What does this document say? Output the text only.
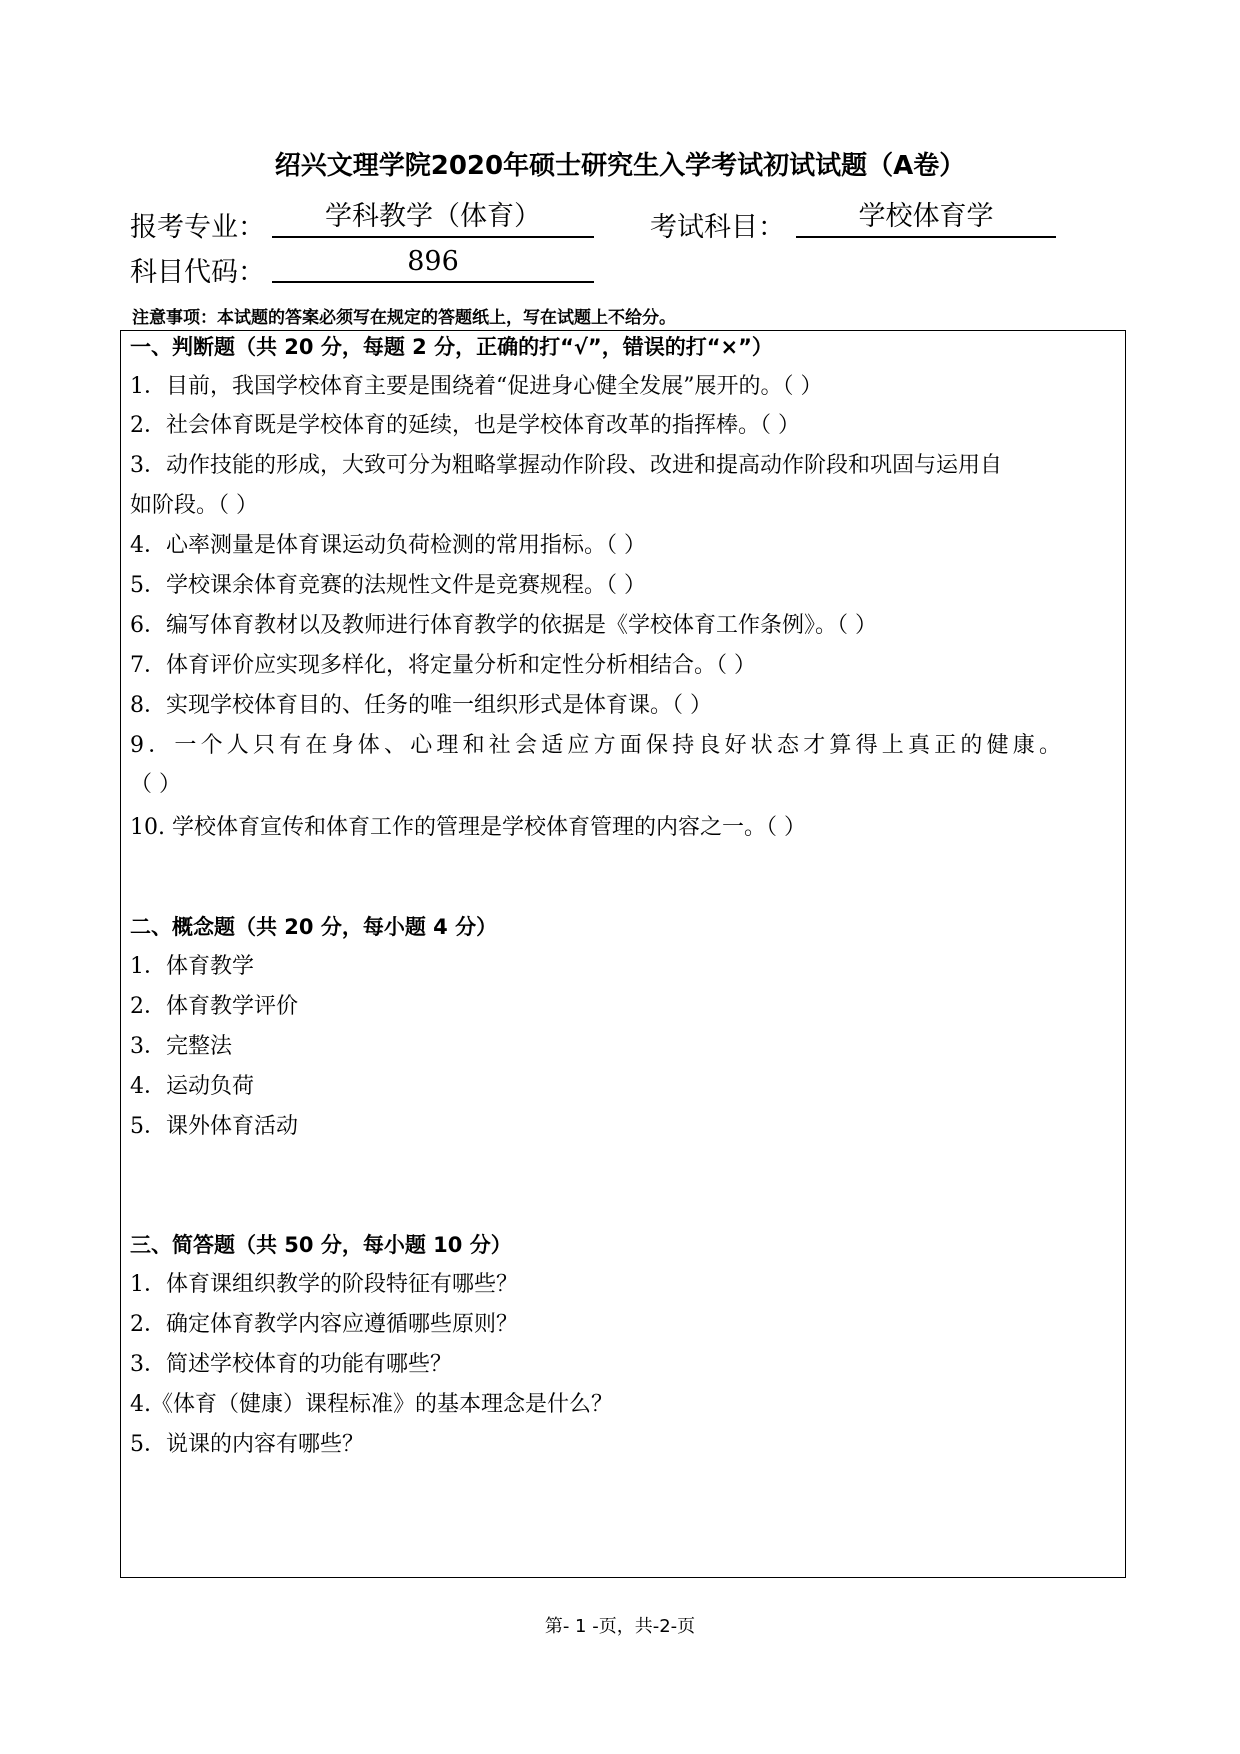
绍兴文理学院2020年硕士研究生入学考试初试试题（A卷）
报考专业：	学科教学（体育）	考试科目：	学校体育学
科目代码：	896
注意事项：本试题的答案必须写在规定的答题纸上，写在试题上不给分。
一、判断题（共 20 分，每题 2 分，正确的打“√”，错误的打“×”）
1．目前，我国学校体育主要是围绕着“促进身心健全发展”展开的。（ ）
2．社会体育既是学校体育的延续，也是学校体育改革的指挥棒。（ ）
3．动作技能的形成，大致可分为粗略掌握动作阶段、改进和提高动作阶段和巩固与运用自
如阶段。（ ）
4．心率测量是体育课运动负荷检测的常用指标。（ ）
5．学校课余体育竞赛的法规性文件是竞赛规程。（ ）
6．编写体育教材以及教师进行体育教学的依据是《学校体育工作条例》。（ ）
7．体育评价应实现多样化，将定量分析和定性分析相结合。（ ）
8．实现学校体育目的、任务的唯一组织形式是体育课。（ ）
9．一个人只有在身体、心理和社会适应方面保持良好状态才算得上真正的健康。
（ ）
10. 学校体育宣传和体育工作的管理是学校体育管理的内容之一。（ ）
二、概念题（共 20 分，每小题 4 分）
1．体育教学
2．体育教学评价
3．完整法
4．运动负荷
5．课外体育活动
三、简答题（共 50 分，每小题 10 分）
1．体育课组织教学的阶段特征有哪些？
2．确定体育教学内容应遵循哪些原则？
3．简述学校体育的功能有哪些？
4.《体育（健康）课程标准》的基本理念是什么？
5．说课的内容有哪些？
第- 1 -页，共-2-页
